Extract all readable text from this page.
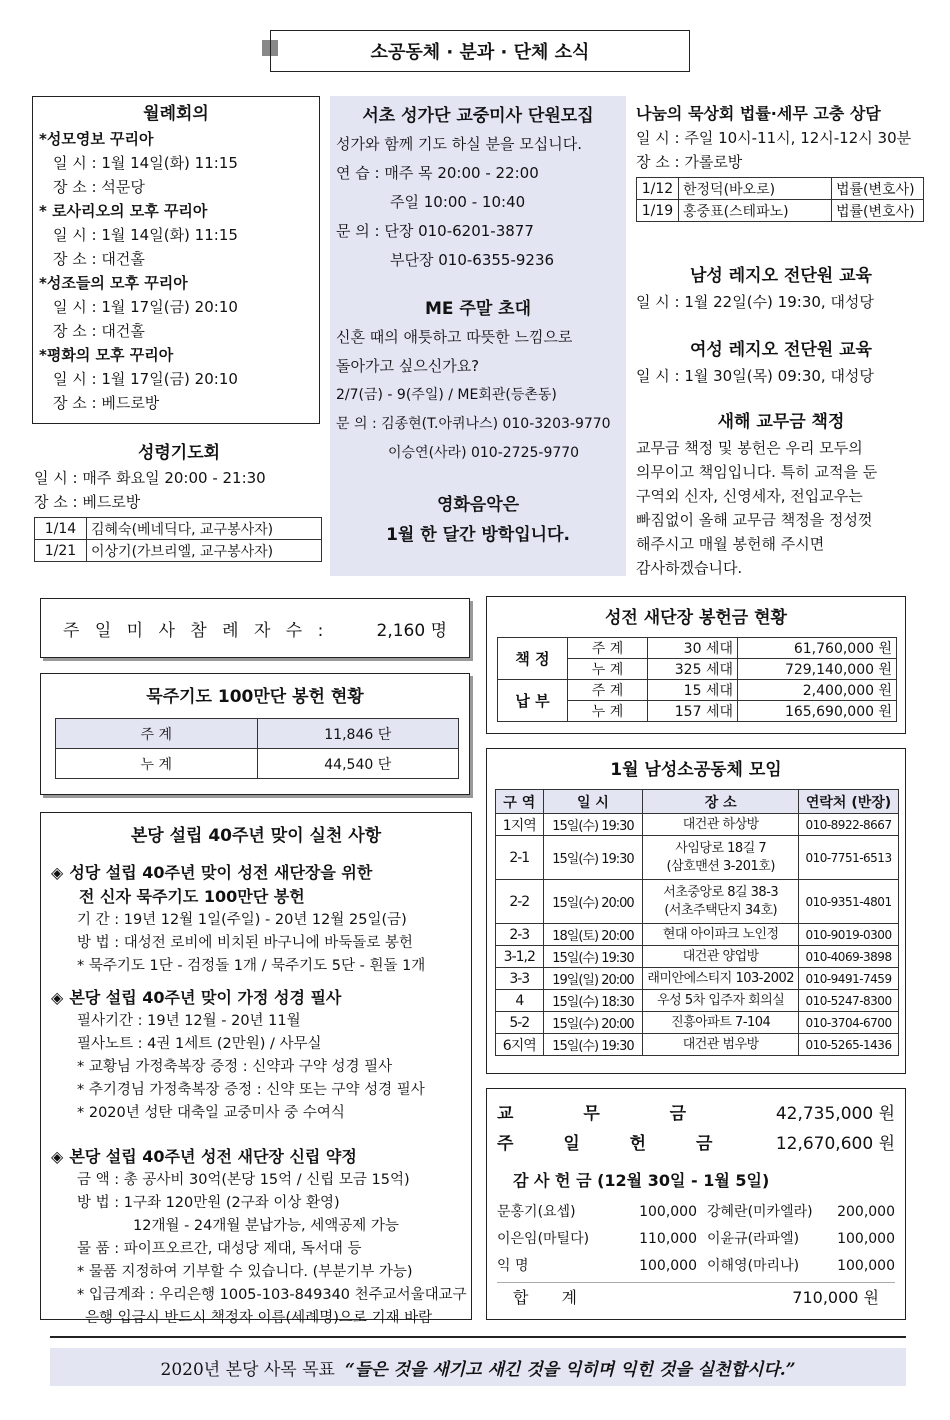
소공동체 · 분과 · 단체 소식
월례회의
*성모영보 꾸리아
일 시 : 1월 14일(화) 11:15
장 소 : 석문당
* 로사리오의 모후 꾸리아
일 시 : 1월 14일(화) 11:15
장 소 : 대건홀
*성조들의 모후 꾸리아
일 시 : 1월 17일(금) 20:10
장 소 : 대건홀
*평화의 모후 꾸리아
일 시 : 1월 17일(금) 20:10
장 소 : 베드로방
성령기도회
일 시 : 매주 화요일 20:00 - 21:30
장 소 : 베드로방
1/14	김혜숙(베네딕다, 교구봉사자)
1/21	이상기(가브리엘, 교구봉사자)
서초 성가단 교중미사 단원모집
성가와 함께 기도 하실 분을 모십니다.
연 습 : 매주 목 20:00 - 22:00
주일 10:00 - 10:40
문 의 : 단장 010-6201-3877
부단장 010-6355-9236
ME 주말 초대
신혼 때의 애틋하고 따뜻한 느낌으로
돌아가고 싶으신가요?
2/7(금) - 9(주일) / ME회관(등촌동)
문 의 : 김종현(T.아퀴나스) 010-3203-9770
이승연(사라) 010-2725-9770
영화음악은
1월 한 달간 방학입니다.
나눔의 묵상회 법률·세무 고충 상담
일 시 : 주일 10시-11시, 12시-12시 30분
장 소 : 가롤로방
1/12	한정덕(바오로)	법률(변호사)
1/19	홍중표(스테파노)	법률(변호사)
남성 레지오 전단원 교육
일 시 : 1월 22일(수) 19:30, 대성당
여성 레지오 전단원 교육
일 시 : 1월 30일(목) 09:30, 대성당
새해 교무금 책정
교무금 책정 및 봉헌은 우리 모두의
의무이고 책임입니다. 특히 교적을 둔
구역외 신자, 신영세자, 전입교우는
빠짐없이 올해 교무금 책정을 정성껏
해주시고 매월 봉헌해 주시면
감사하겠습니다.
주 일 미 사 참 례 자 수 :	2,160 명
묵주기도 100만단 봉헌 현황
주 계	11,846 단
누 계	44,540 단
본당 설립 40주년 맞이 실천 사항
◈ 성당 설립 40주년 맞이 성전 새단장을 위한
전 신자 묵주기도 100만단 봉헌
기 간 : 19년 12월 1일(주일) - 20년 12월 25일(금)
방 법 : 대성전 로비에 비치된 바구니에 바둑돌로 봉헌
* 묵주기도 1단 - 검정돌 1개 / 묵주기도 5단 - 흰돌 1개
◈ 본당 설립 40주년 맞이 가정 성경 필사
필사기간 : 19년 12월 - 20년 11월
필사노트 : 4권 1세트 (2만원) / 사무실
* 교황님 가정축복장 증정 : 신약과 구약 성경 필사
* 추기경님 가정축복장 증정 : 신약 또는 구약 성경 필사
* 2020년 성탄 대축일 교중미사 중 수여식
◈ 본당 설립 40주년 성전 새단장 신립 약정
금 액 : 총 공사비 30억(본당 15억 / 신립 모금 15억)
방 법 : 1구좌 120만원 (2구좌 이상 환영)
12개월 - 24개월 분납가능, 세액공제 가능
물 품 : 파이프오르간, 대성당 제대, 독서대 등
* 물품 지정하여 기부할 수 있습니다. (부분기부 가능)
* 입금계좌 : 우리은행 1005-103-849340 천주교서울대교구
은행 입금시 반드시 책정자 이름(세례명)으로 기재 바람
성전 새단장 봉헌금 현황
책 정	주 계	30 세대	61,760,000 원
	누 계	325 세대	729,140,000 원
납 부	주 계	15 세대	2,400,000 원
	누 계	157 세대	165,690,000 원
1월 남성소공동체 모임
구 역	일 시	장 소	연락처 (반장)
1지역	15일(수) 19:30	대건관 하상방	010-8922-8667
2-1	15일(수) 19:30	사임당로 18길 7
(삼호맨션 3-201호)	010-7751-6513
2-2	15일(수) 20:00	서초중앙로 8길 38-3
(서초주택단지 34호)	010-9351-4801
2-3	18일(토) 20:00	현대 아이파크 노인정	010-9019-0300
3-1,2	15일(수) 19:30	대건관 양업방	010-4069-3898
3-3	19일(일) 20:00	래미안에스티지 103-2002	010-9491-7459
4	15일(수) 18:30	우성 5차 입주자 회의실	010-5247-8300
5-2	15일(수) 20:00	진흥아파트 7-104	010-3704-6700
6지역	15일(수) 19:30	대건관 범우방	010-5265-1436
교 무 금	42,735,000 원
주 일 헌 금 12,670,600 원
감 사 헌 금 (12월 30일 - 1월 5일)
문홍기(요셉)	100,000 강혜란(미카엘라)	200,000
이은임(마틸다)	110,000 이윤규(라파엘)	100,000
익 명	100,000 이해영(마리나)	100,000
합 계	710,000 원
2020년 본당 사목 목표 “들은 것을 새기고 새긴 것을 익히며 익힌 것을 실천합시다.”
